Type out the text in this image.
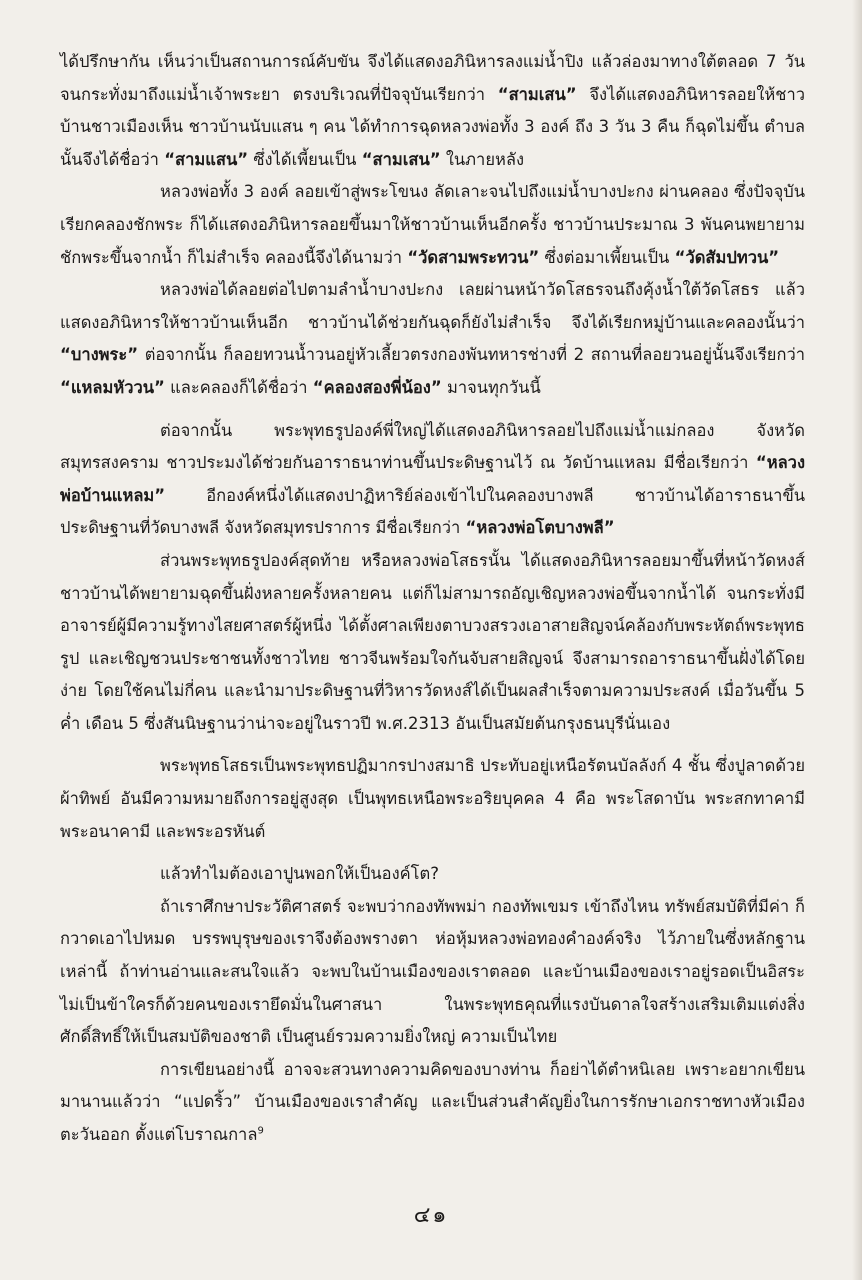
ได้ปรึกษากัน เห็นว่าเป็นสถานการณ์คับขัน จึงได้แสดงอภินิหารลงแม่น้ำปิง แล้วล่องมาทางใต้ตลอด 7 วัน จนกระทั่งมาถึงแม่น้ำเจ้าพระยา ตรงบริเวณที่ปัจจุบันเรียกว่า “สามเสน” จึงได้แสดงอภินิหารลอยให้ชาวบ้านชาวเมืองเห็น ชาวบ้านนับแสน ๆ คน ได้ทำการฉุดหลวงพ่อทั้ง 3 องค์ ถึง 3 วัน 3 คืน ก็ฉุดไม่ขึ้น ตำบลนั้นจึงได้ชื่อว่า “สามแสน” ซึ่งได้เพี้ยนเป็น “สามเสน” ในภายหลัง

หลวงพ่อทั้ง 3 องค์ ลอยเข้าสู่พระโขนง ลัดเลาะจนไปถึงแม่น้ำบางปะกง ผ่านคลอง ซึ่งปัจจุบันเรียกคลองชักพระ ก็ได้แสดงอภินิหารลอยขึ้นมาให้ชาวบ้านเห็นอีกครั้ง ชาวบ้านประมาณ 3 พันคนพยายามชักพระขึ้นจากน้ำ ก็ไม่สำเร็จ คลองนี้จึงได้นามว่า “วัดสามพระทวน” ซึ่งต่อมาเพี้ยนเป็น “วัดสัมปทวน”

หลวงพ่อได้ลอยต่อไปตามลำน้ำบางปะกง เลยผ่านหน้าวัดโสธรจนถึงคุ้งน้ำใต้วัดโสธร แล้วแสดงอภินิหารให้ชาวบ้านเห็นอีก ชาวบ้านได้ช่วยกันฉุดก็ยังไม่สำเร็จ จึงได้เรียกหมู่บ้านและคลองนั้นว่า “บางพระ” ต่อจากนั้น ก็ลอยทวนน้ำวนอยู่หัวเลี้ยวตรงกองพันทหารช่างที่ 2 สถานที่ลอยวนอยู่นั้นจึงเรียกว่า “แหลมหัววน” และคลองก็ได้ชื่อว่า “คลองสองพี่น้อง” มาจนทุกวันนี้

ต่อจากนั้น พระพุทธรูปองค์พี่ใหญ่ได้แสดงอภินิหารลอยไปถึงแม่น้ำแม่กลอง จังหวัดสมุทรสงคราม ชาวประมงได้ช่วยกันอาราธนาท่านขึ้นประดิษฐานไว้ ณ วัดบ้านแหลม มีชื่อเรียกว่า “หลวงพ่อบ้านแหลม” อีกองค์หนึ่งได้แสดงปาฏิหาริย์ล่องเข้าไปในคลองบางพลี ชาวบ้านได้อาราธนาขึ้นประดิษฐานที่วัดบางพลี จังหวัดสมุทรปราการ มีชื่อเรียกว่า “หลวงพ่อโตบางพลี”

ส่วนพระพุทธรูปองค์สุดท้าย หรือหลวงพ่อโสธรนั้น ได้แสดงอภินิหารลอยมาขึ้นที่หน้าวัดหงส์ ชาวบ้านได้พยายามฉุดขึ้นฝั่งหลายครั้งหลายคน แต่ก็ไม่สามารถอัญเชิญหลวงพ่อขึ้นจากน้ำได้ จนกระทั่งมีอาจารย์ผู้มีความรู้ทางไสยศาสตร์ผู้หนึ่ง ได้ตั้งศาลเพียงตาบวงสรวงเอาสายสิญจน์คล้องกับพระหัตถ์พระพุทธรูป และเชิญชวนประชาชนทั้งชาวไทย ชาวจีนพร้อมใจกันจับสายสิญจน์ จึงสามารถอาราธนาขึ้นฝั่งได้โดยง่าย โดยใช้คนไม่กี่คน และนำมาประดิษฐานที่วิหารวัดหงส์ได้เป็นผลสำเร็จตามความประสงค์ เมื่อวันขึ้น 5 ค่ำ เดือน 5 ซึ่งสันนิษฐานว่าน่าจะอยู่ในราวปี พ.ศ.2313 อันเป็นสมัยต้นกรุงธนบุรีนั่นเอง

พระพุทธโสธรเป็นพระพุทธปฏิมากรปางสมาธิ ประทับอยู่เหนือรัตนบัลลังก์ 4 ชั้น ซึ่งปูลาดด้วยผ้าทิพย์ อันมีความหมายถึงการอยู่สูงสุด เป็นพุทธเหนือพระอริยบุคคล 4 คือ พระโสดาบัน พระสกทาคามี พระอนาคามี และพระอรหันต์

แล้วทำไมต้องเอาปูนพอกให้เป็นองค์โต?

ถ้าเราศึกษาประวัติศาสตร์ จะพบว่ากองทัพพม่า กองทัพเขมร เข้าถึงไหน ทรัพย์สมบัติที่มีค่า ก็กวาดเอาไปหมด บรรพบุรุษของเราจึงต้องพรางตา ห่อหุ้มหลวงพ่อทองคำองค์จริง ไว้ภายในซึ่งหลักฐานเหล่านี้ ถ้าท่านอ่านและสนใจแล้ว จะพบในบ้านเมืองของเราตลอด และบ้านเมืองของเราอยู่รอดเป็นอิสระ ไม่เป็นข้าใครก็ด้วยคนของเรายึดมั่นในศาสนา ในพระพุทธคุณที่แรงบันดาลใจสร้างเสริมเติมแต่งสิ่งศักดิ์สิทธิ์ให้เป็นสมบัติของชาติ เป็นศูนย์รวมความยิ่งใหญ่ ความเป็นไทย

การเขียนอย่างนี้ อาจจะสวนทางความคิดของบางท่าน ก็อย่าได้ตำหนิเลย เพราะอยากเขียนมานานแล้วว่า “แปดริ้ว” บ้านเมืองของเราสำคัญ และเป็นส่วนสำคัญยิ่งในการรักษาเอกราชทางหัวเมืองตะวันออก ตั้งแต่โบราณกาล$^9$

๔๑
